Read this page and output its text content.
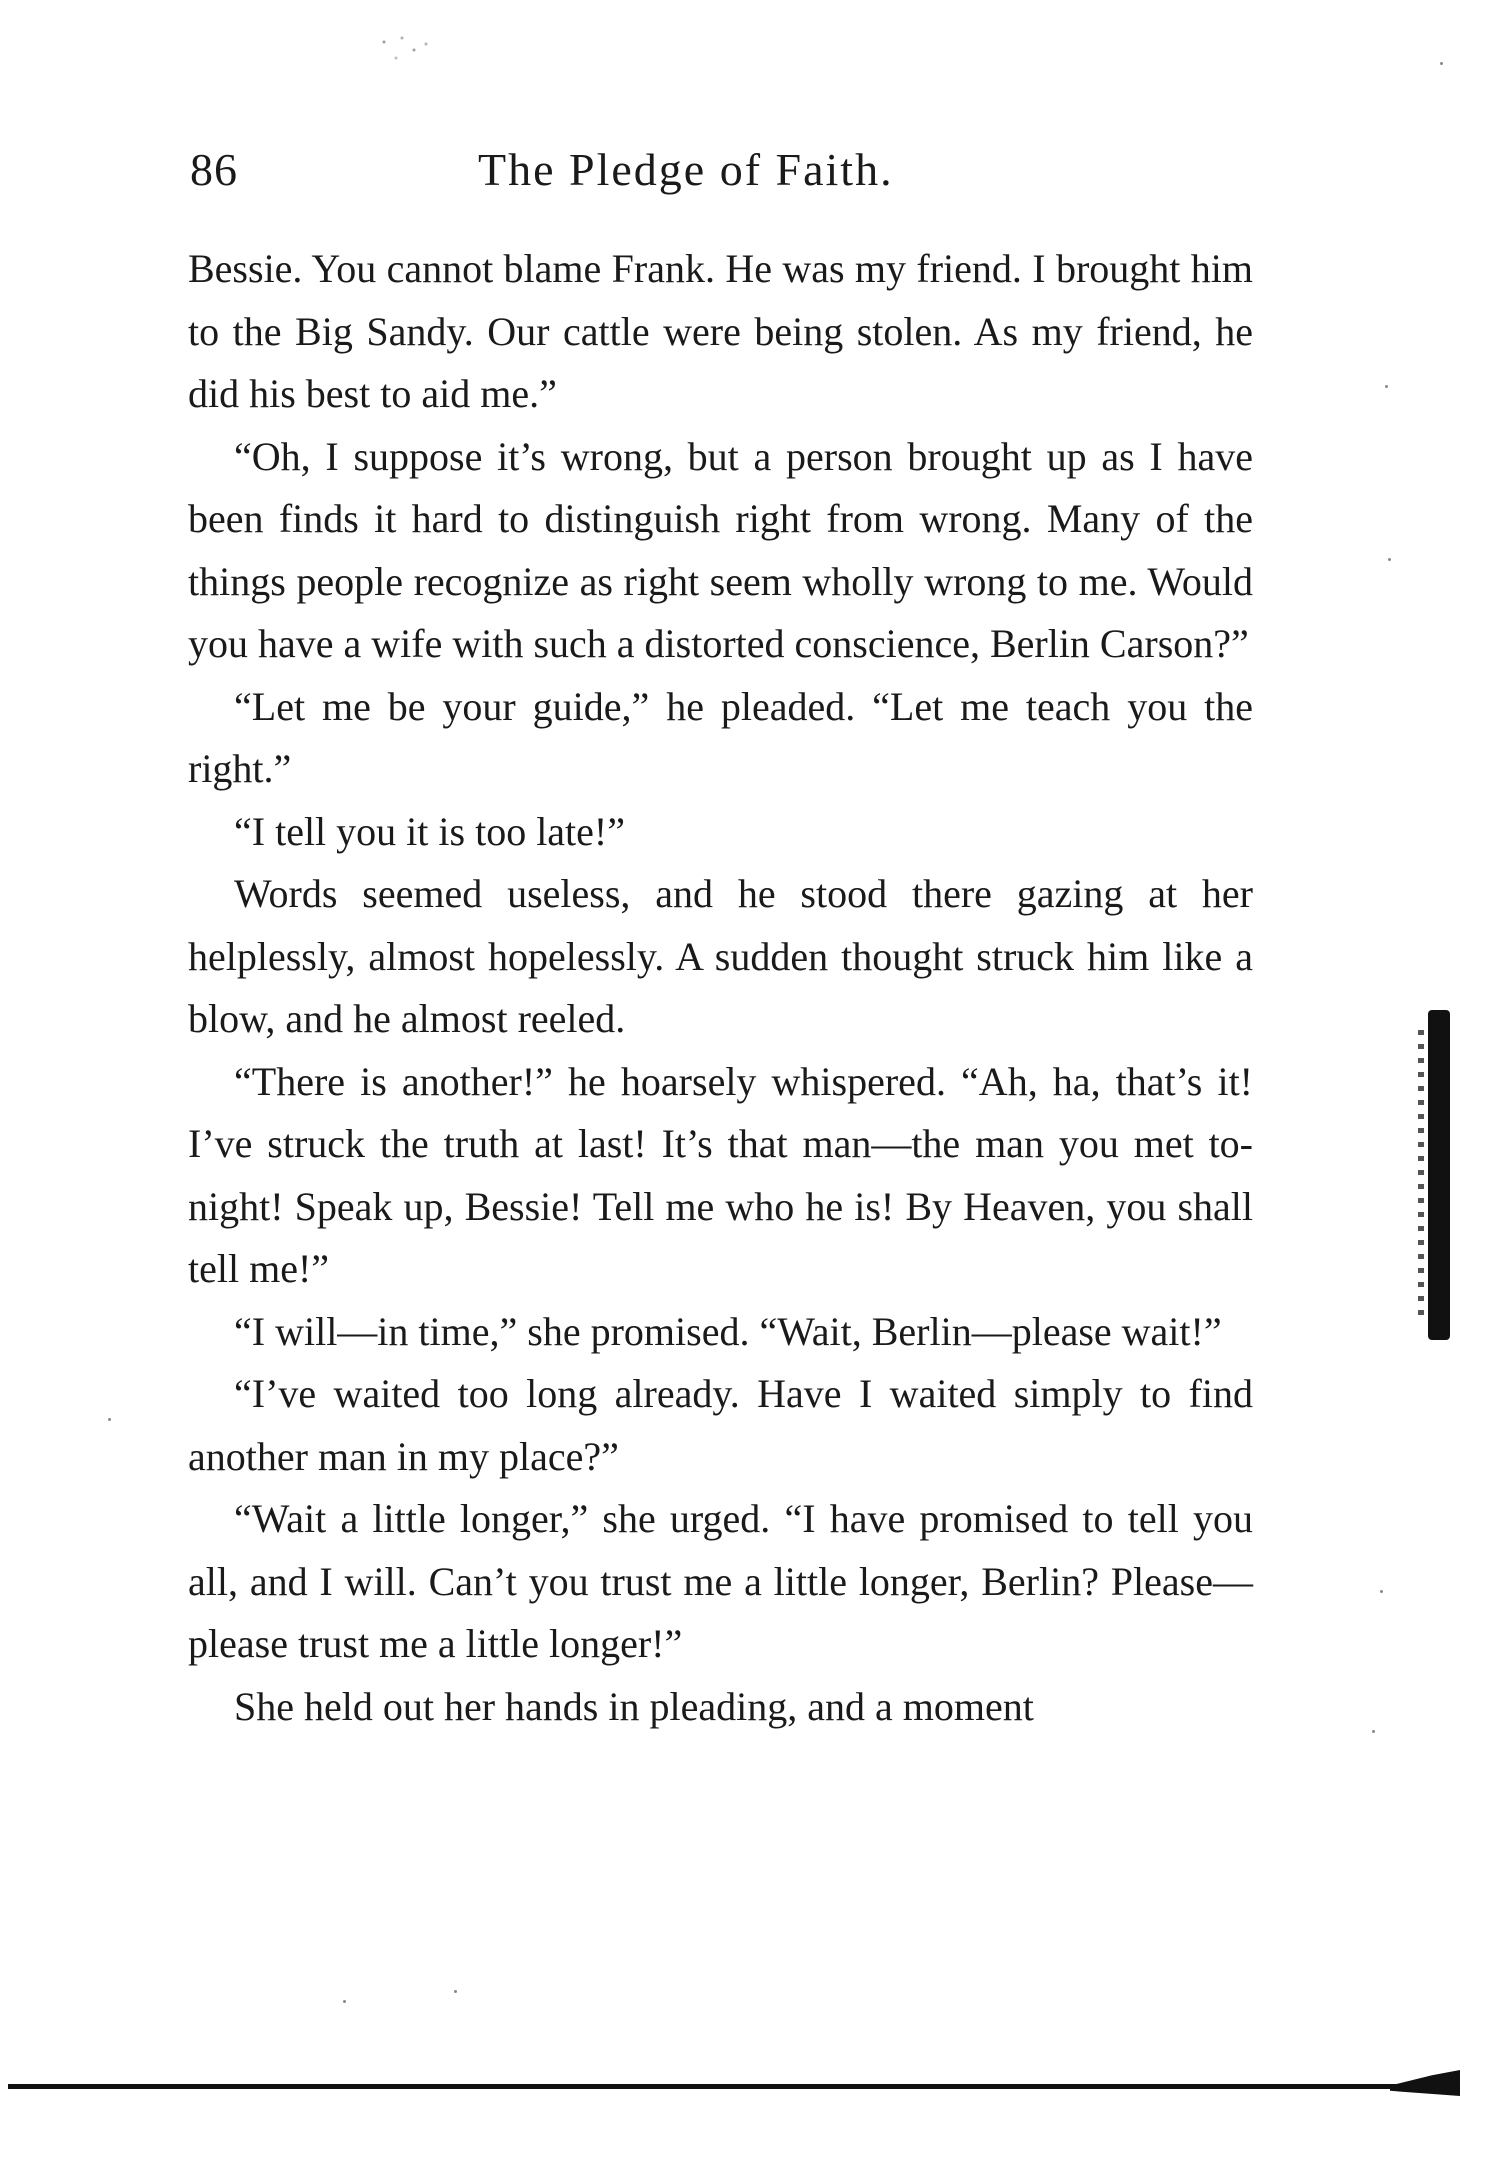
86	The Pledge of Faith.

Bessie. You cannot blame Frank. He was my friend. I brought him to the Big Sandy. Our cattle were being stolen. As my friend, he did his best to aid me.”

“Oh, I suppose it’s wrong, but a person brought up as I have been finds it hard to distinguish right from wrong. Many of the things people recognize as right seem wholly wrong to me. Would you have a wife with such a distorted conscience, Berlin Carson?”

“Let me be your guide,” he pleaded. “Let me teach you the right.”

“I tell you it is too late!”

Words seemed useless, and he stood there gazing at her helplessly, almost hopelessly. A sudden thought struck him like a blow, and he almost reeled.

“There is another!” he hoarsely whispered. “Ah, ha, that’s it! I’ve struck the truth at last! It’s that man—the man you met to-night! Speak up, Bessie! Tell me who he is! By Heaven, you shall tell me!”

“I will—in time,” she promised. “Wait, Berlin—please wait!”

“I’ve waited too long already. Have I waited simply to find another man in my place?”

“Wait a little longer,” she urged. “I have promised to tell you all, and I will. Can’t you trust me a little longer, Berlin? Please—please trust me a little longer!”

She held out her hands in pleading, and a moment
